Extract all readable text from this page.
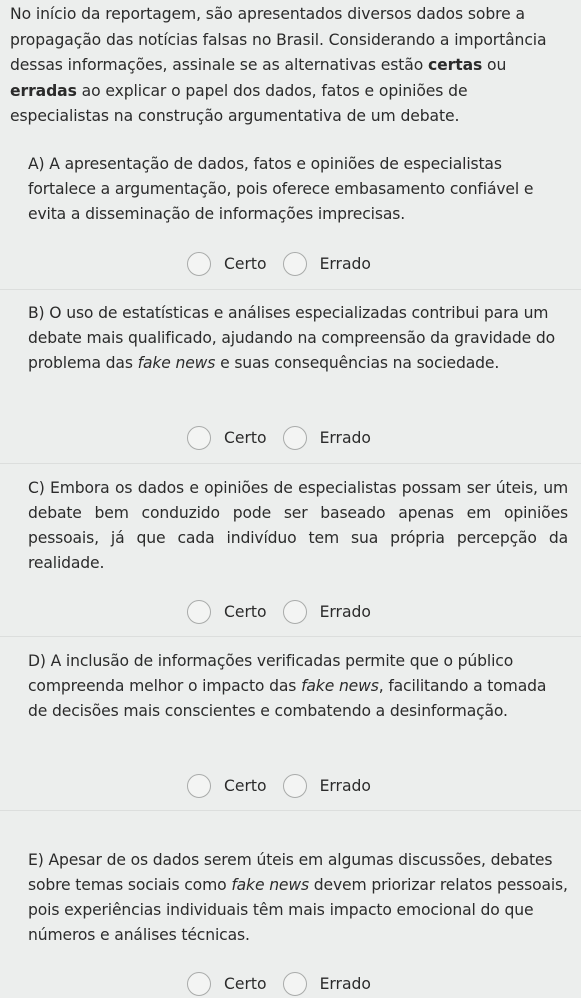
No início da reportagem, são apresentados diversos dados sobre a propagação das notícias falsas no Brasil. Considerando a importância dessas informações, assinale se as alternativas estão certas ou erradas ao explicar o papel dos dados, fatos e opiniões de especialistas na construção argumentativa de um debate.

A) A apresentação de dados, fatos e opiniões de especialistas fortalece a argumentação, pois oferece embasamento confiável e evita a disseminação de informações imprecisas.

Certo	Errado

B) O uso de estatísticas e análises especializadas contribui para um debate mais qualificado, ajudando na compreensão da gravidade do problema das fake news e suas consequências na sociedade.

Certo	Errado

C) Embora os dados e opiniões de especialistas possam ser úteis, um debate bem conduzido pode ser baseado apenas em opiniões pessoais, já que cada indivíduo tem sua própria percepção da realidade.

Certo	Errado

D) A inclusão de informações verificadas permite que o público compreenda melhor o impacto das fake news, facilitando a tomada de decisões mais conscientes e combatendo a desinformação.

Certo	Errado

E) Apesar de os dados serem úteis em algumas discussões, debates sobre temas sociais como fake news devem priorizar relatos pessoais, pois experiências individuais têm mais impacto emocional do que números e análises técnicas.

Certo	Errado
